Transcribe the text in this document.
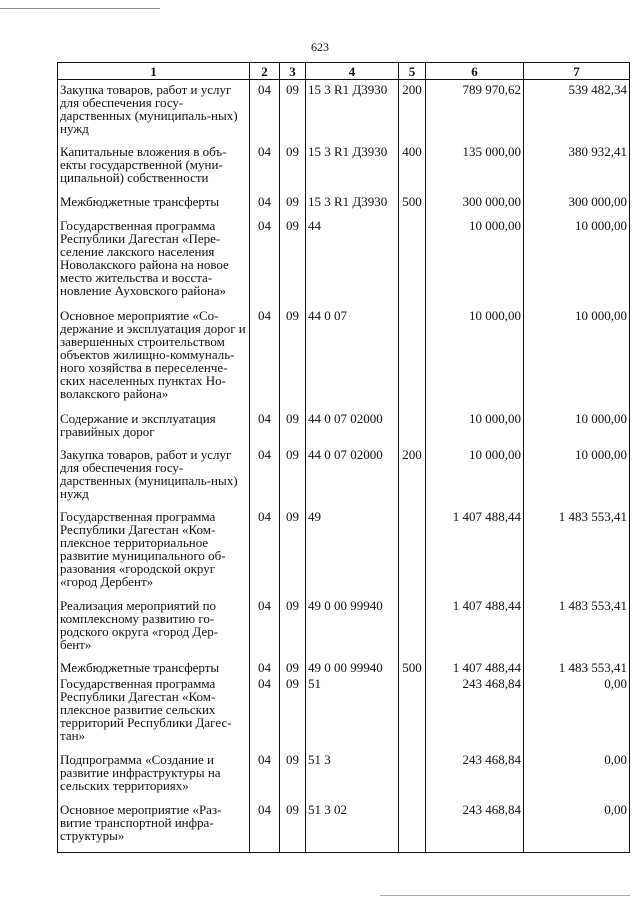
623
1	2	3	4	5	6	7
Закупка товаров, работ и услуг для обеспечения госу-дарственных (муниципаль-ных) нужд	04	09	15 3 R1 Д3930	200	789 970,62	539 482,34
Капитальные вложения в объ-екты государственной (муни-ципальной) собственности	04	09	15 3 R1 Д3930	400	135 000,00	380 932,41
Межбюджетные трансферты	04	09	15 3 R1 Д3930	500	300 000,00	300 000,00
Государственная программа Республики Дагестан «Пере-селение лакского населения Новолакского района на новое место жительства и восста-новление Ауховского района»	04	09	44		10 000,00	10 000,00
Основное мероприятие «Со-держание и эксплуатация дорог и завершенных строительством объектов жилищно-коммуналь-ного хозяйства в переселенче-ских населенных пунктах Но-волакского района»	04	09	44 0 07		10 000,00	10 000,00
Содержание и эксплуатация гравийных дорог	04	09	44 0 07 02000		10 000,00	10 000,00
Закупка товаров, работ и услуг для обеспечения госу-дарственных (муниципаль-ных) нужд	04	09	44 0 07 02000	200	10 000,00	10 000,00
Государственная программа Республики Дагестан «Ком-плексное территориальное развитие муниципального об-разования «городской округ «город Дербент»	04	09	49		1 407 488,44	1 483 553,41
Реализация мероприятий по комплексному развитию го-родского округа «город Дер-бент»	04	09	49 0 00 99940		1 407 488,44	1 483 553,41
Межбюджетные трансферты	04	09	49 0 00 99940	500	1 407 488,44	1 483 553,41
Государственная программа Республики Дагестан «Ком-плексное развитие сельских территорий Республики Дагес-тан»	04	09	51		243 468,84	0,00
Подпрограмма «Создание и развитие инфраструктуры на сельских территориях»	04	09	51 3		243 468,84	0,00
Основное мероприятие «Раз-витие транспортной инфра-структуры»	04	09	51 3 02		243 468,84	0,00
